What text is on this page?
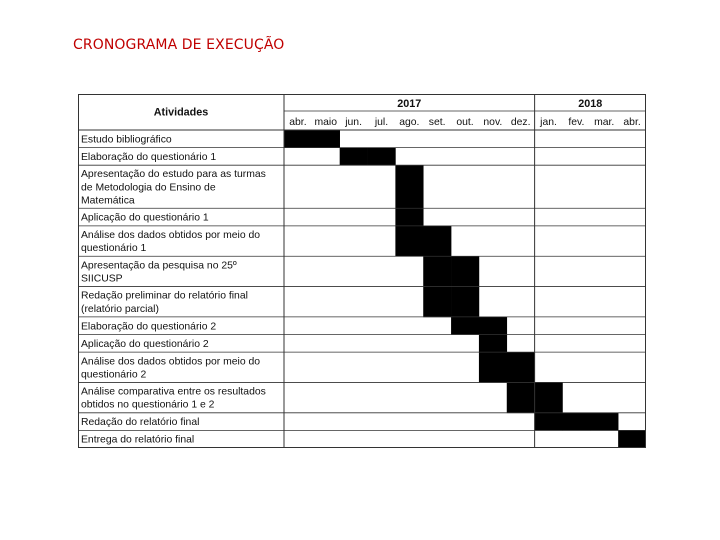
CRONOGRAMA DE EXECUÇÃO
Atividades
2017	2018
abr. maio jun. jul. ago. set. out. nov. dez. jan. fev. mar. abr.
Estudo bibliográfico
Elaboração do questionário 1
Apresentação do estudo para as turmas
de Metodologia do Ensino de
Matemática
Aplicação do questionário 1
Análise dos dados obtidos por meio do
questionário 1
Apresentação da pesquisa no 25º
SIICUSP
Redação preliminar do relatório final
(relatório parcial)
Elaboração do questionário 2
Aplicação do questionário 2
Análise dos dados obtidos por meio do
questionário 2
Análise comparativa entre os resultados
obtidos no questionário 1 e 2
Redação do relatório final
Entrega do relatório final
